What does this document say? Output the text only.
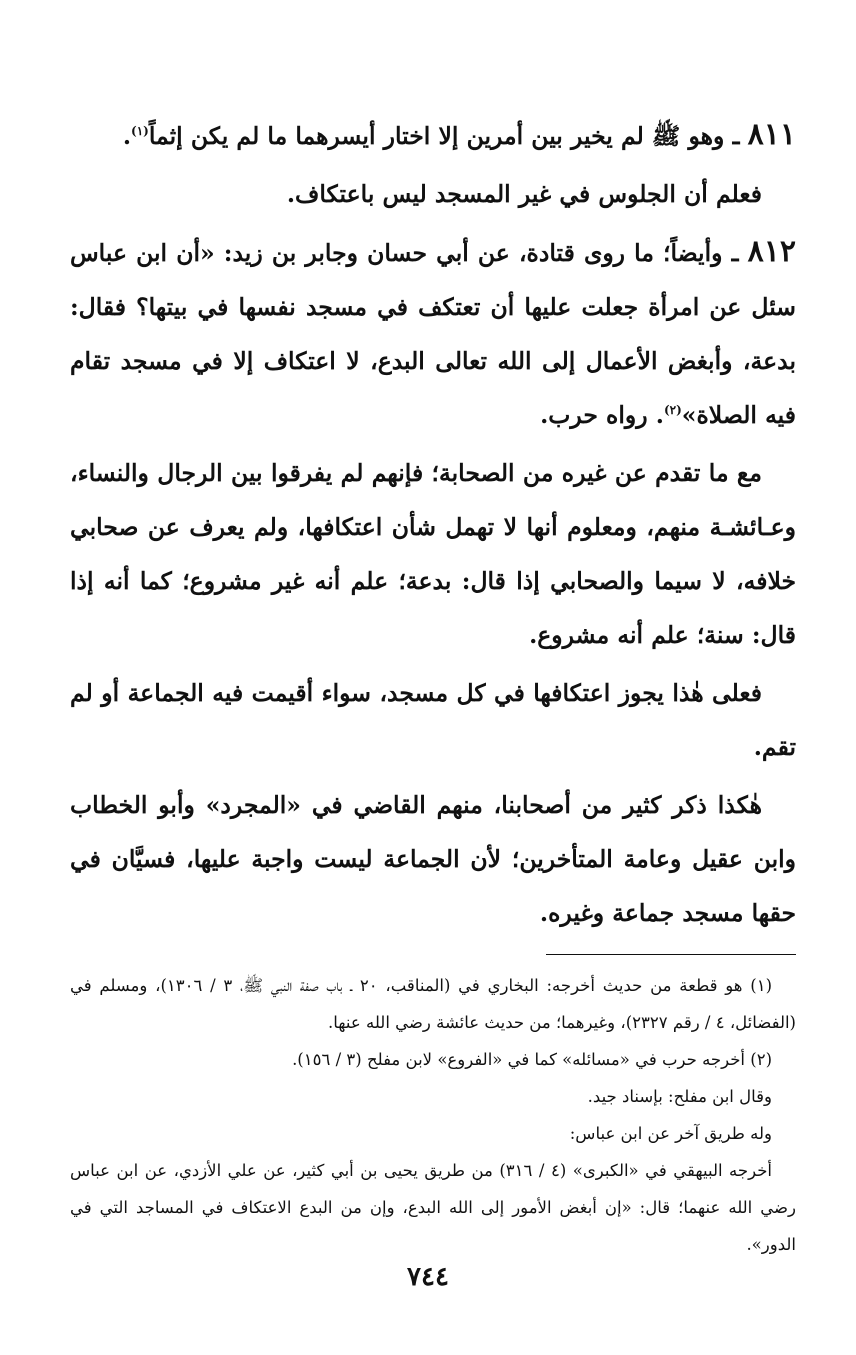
٨١١ ـ وهو ﷺ لم يخير بين أمرين إلا اختار أيسرهما ما لم يكن إثماً$^{(١)}$.

فعلم أن الجلوس في غير المسجد ليس باعتكاف.

٨١٢ ـ وأيضاً؛ ما روى قتادة، عن أبي حسان وجابر بن زيد: «أن ابن عباس سئل عن امرأة جعلت عليها أن تعتكف في مسجد نفسها في بيتها؟ فقال: بدعة، وأبغض الأعمال إلى الله تعالى البدع، لا اعتكاف إلا في مسجد تقام فيه الصلاة»$^{(٢)}$. رواه حرب.

مع ما تقدم عن غيره من الصحابة؛ فإنهم لم يفرقوا بين الرجال والنساء، وعـائشـة منهم، ومعلوم أنها لا تهمل شأن اعتكافها، ولم يعرف عن صحابي خلافه، لا سيما والصحابي إذا قال: بدعة؛ علم أنه غير مشروع؛ كما أنه إذا قال: سنة؛ علم أنه مشروع.

فعلى هٰذا يجوز اعتكافها في كل مسجد، سواء أقيمت فيه الجماعة أو لم تقم.

هٰكذا ذكر كثير من أصحابنا، منهم القاضي في «المجرد» وأبو الخطاب وابن عقيل وعامة المتأخرين؛ لأن الجماعة ليست واجبة عليها، فسيَّان في حقها مسجد جماعة وغيره.

(١) هو قطعة من حديث أخرجه: البخاري في (المناقب، ٢٠ ـ باب صفة النبي ﷺ، ٣ / ١٣٠٦)، ومسلم في (الفضائل، ٤ / رقم ٢٣٢٧)، وغيرهما؛ من حديث عائشة رضي الله عنها.

(٢) أخرجه حرب في «مسائله» كما في «الفروع» لابن مفلح (٣ / ١٥٦).

وقال ابن مفلح: بإسناد جيد.

وله طريق آخر عن ابن عباس:

أخرجه البيهقي في «الكبرى» (٤ / ٣١٦) من طريق يحيى بن أبي كثير، عن علي الأزدي، عن ابن عباس رضي الله عنهما؛ قال: «إن أبغض الأمور إلى الله البدع، وإن من البدع الاعتكاف في المساجد التي في الدور».

٧٤٤
